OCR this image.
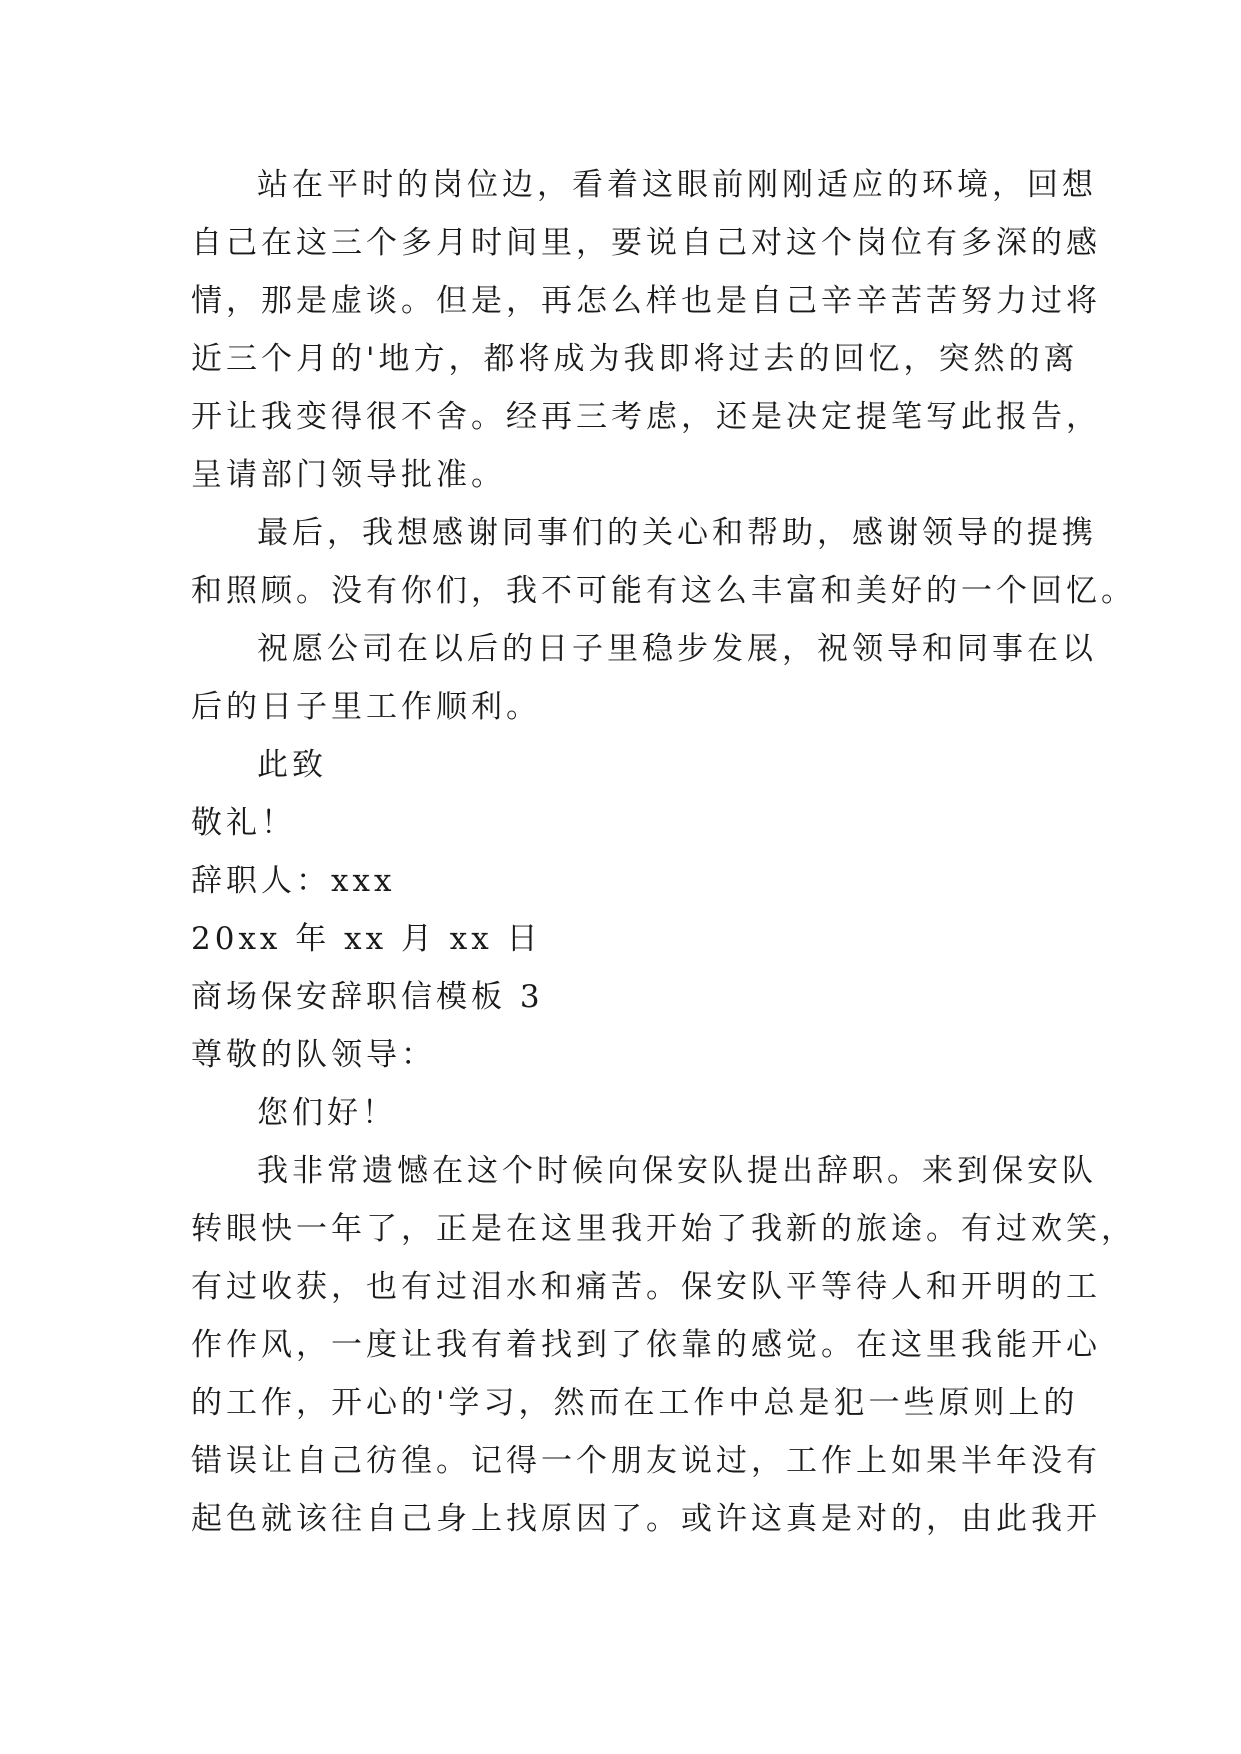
站在平时的岗位边，看着这眼前刚刚适应的环境，回想
自己在这三个多月时间里，要说自己对这个岗位有多深的感
情，那是虚谈。但是，再怎么样也是自己辛辛苦苦努力过将
近三个月的'地方，都将成为我即将过去的回忆，突然的离
开让我变得很不舍。经再三考虑，还是决定提笔写此报告，
呈请部门领导批准。
最后，我想感谢同事们的关心和帮助，感谢领导的提携
和照顾。没有你们，我不可能有这么丰富和美好的一个回忆。
祝愿公司在以后的日子里稳步发展，祝领导和同事在以
后的日子里工作顺利。
此致
敬礼！
辞职人：xxx
20xx 年 xx 月 xx 日
商场保安辞职信模板 3
尊敬的队领导：
您们好！
我非常遗憾在这个时候向保安队提出辞职。来到保安队
转眼快一年了，正是在这里我开始了我新的旅途。有过欢笑，
有过收获，也有过泪水和痛苦。保安队平等待人和开明的工
作作风，一度让我有着找到了依靠的感觉。在这里我能开心
的工作，开心的'学习，然而在工作中总是犯一些原则上的
错误让自己彷徨。记得一个朋友说过，工作上如果半年没有
起色就该往自己身上找原因了。或许这真是对的，由此我开
